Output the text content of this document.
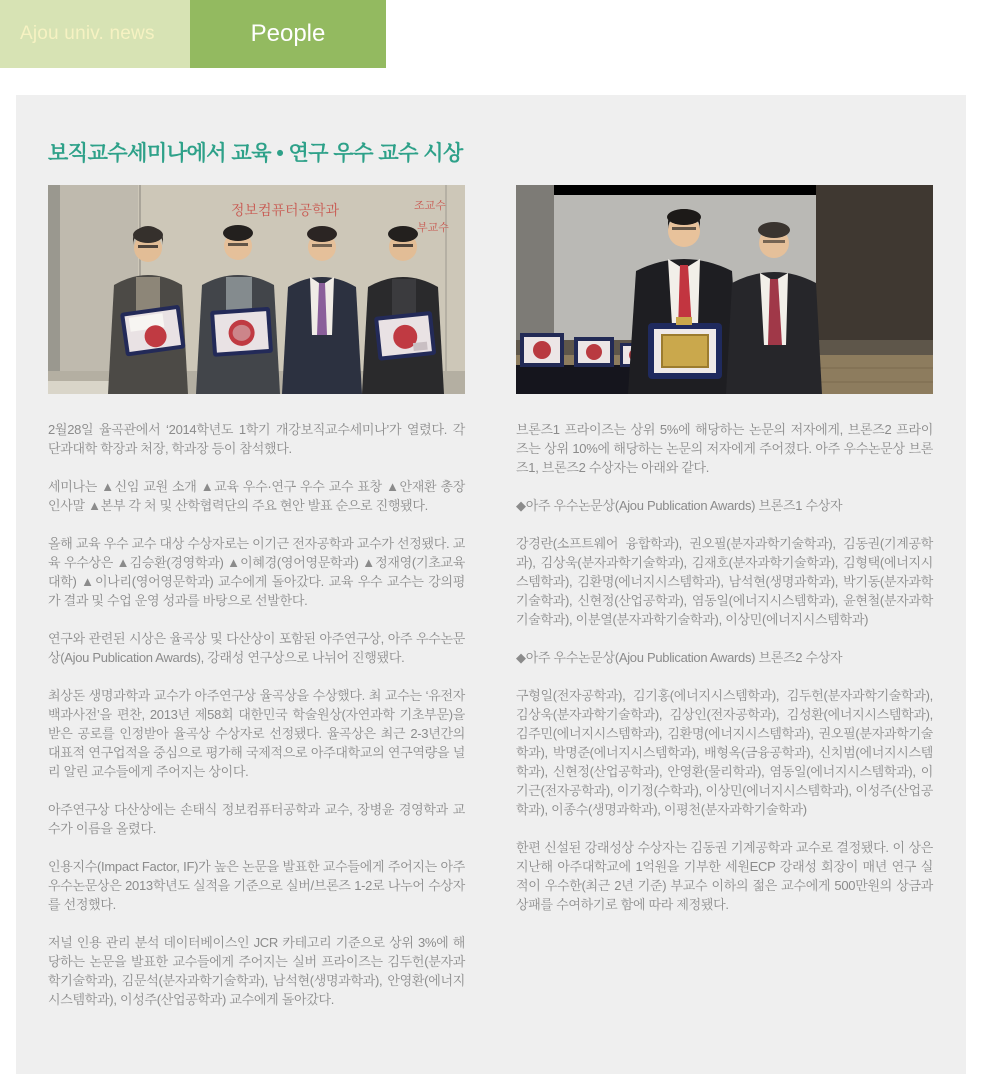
Ajou univ. news	People
보직교수세미나에서 교육 • 연구 우수 교수 시상
정보컴퓨터공학과	조교수
부교수

2월28일 율곡관에서 ‘2014학년도 1학기 개강보직교수세미나’가 열렸다. 각 단과대학 학장과 처장, 학과장 등이 참석했다.

세미나는 ▲신임 교원 소개 ▲교육 우수·연구 우수 교수 표창 ▲안재환 총장 인사말 ▲본부 각 처 및 산학협력단의 주요 현안 발표 순으로 진행됐다.

올해 교육 우수 교수 대상 수상자로는 이기근 전자공학과 교수가 선정됐다. 교육 우수상은 ▲김승환(경영학과) ▲이혜경(영어영문학과) ▲정재영(기초교육대학) ▲이나리(영어영문학과) 교수에게 돌아갔다. 교육 우수 교수는 강의평가 결과 및 수업 운영 성과를 바탕으로 선발한다.

연구와 관련된 시상은 율곡상 및 다산상이 포함된 아주연구상, 아주 우수논문상(Ajou Publication Awards), 강래성 연구상으로 나뉘어 진행됐다.

최상돈 생명과학과 교수가 아주연구상 율곡상을 수상했다. 최 교수는 ‘유전자백과사전’을 편찬, 2013년 제58회 대한민국 학술원상(자연과학 기초부문)을 받은 공로를 인정받아 율곡상 수상자로 선정됐다. 율곡상은 최근 2-3년간의 대표적 연구업적을 중심으로 평가해 국제적으로 아주대학교의 연구역량을 널리 알린 교수들에게 주어지는 상이다.

아주연구상 다산상에는 손태식 정보컴퓨터공학과 교수, 장병윤 경영학과 교수가 이름을 올렸다.

인용지수(Impact Factor, IF)가 높은 논문을 발표한 교수들에게 주어지는 아주 우수논문상은 2013학년도 실적을 기준으로 실버/브론즈 1-2로 나누어 수상자를 선정했다.

저널 인용 관리 분석 데이터베이스인 JCR 카테고리 기준으로 상위 3%에 해당하는 논문을 발표한 교수들에게 주어지는 실버 프라이즈는 김두헌(분자과학기술학과), 김문석(분자과학기술학과), 남석현(생명과학과), 안영환(에너지시스템학과), 이성주(산업공학과) 교수에게 돌아갔다.

브론즈1 프라이즈는 상위 5%에 해당하는 논문의 저자에게, 브론즈2 프라이즈는 상위 10%에 해당하는 논문의 저자에게 주어졌다. 아주 우수논문상 브론즈1, 브론즈2 수상자는 아래와 같다.

◆아주 우수논문상(Ajou Publication Awards) 브론즈1 수상자

강경란(소프트웨어 융합학과), 권오필(분자과학기술학과), 김동권(기계공학과), 김상욱(분자과학기술학과), 김재호(분자과학기술학과), 김형택(에너지시스템학과), 김환명(에너지시스템학과), 남석현(생명과학과), 박기동(분자과학기술학과), 신현정(산업공학과), 염동일(에너지시스템학과), 윤현철(분자과학기술학과), 이분열(분자과학기술학과), 이상민(에너지시스템학과)

◆아주 우수논문상(Ajou Publication Awards) 브론즈2 수상자

구형일(전자공학과), 김기홍(에너지시스템학과), 김두헌(분자과학기술학과), 김상욱(분자과학기술학과), 김상인(전자공학과), 김성환(에너지시스템학과), 김주민(에너지시스템학과), 김환명(에너지시스템학과), 권오필(분자과학기술학과), 박명준(에너지시스템학과), 배형옥(금융공학과), 신치범(에너지시스템학과), 신현정(산업공학과), 안영환(물리학과), 염동일(에너지시스템학과), 이기근(전자공학과), 이기정(수학과), 이상민(에너지시스템학과), 이성주(산업공학과), 이종수(생명과학과), 이평천(분자과학기술학과)

한편 신설된 강래성상 수상자는 김동권 기계공학과 교수로 결정됐다. 이 상은 지난해 아주대학교에 1억원을 기부한 세원ECP 강래성 회장이 매년 연구 실적이 우수한(최근 2년 기준) 부교수 이하의 젊은 교수에게 500만원의 상금과 상패를 수여하기로 함에 따라 제정됐다.
